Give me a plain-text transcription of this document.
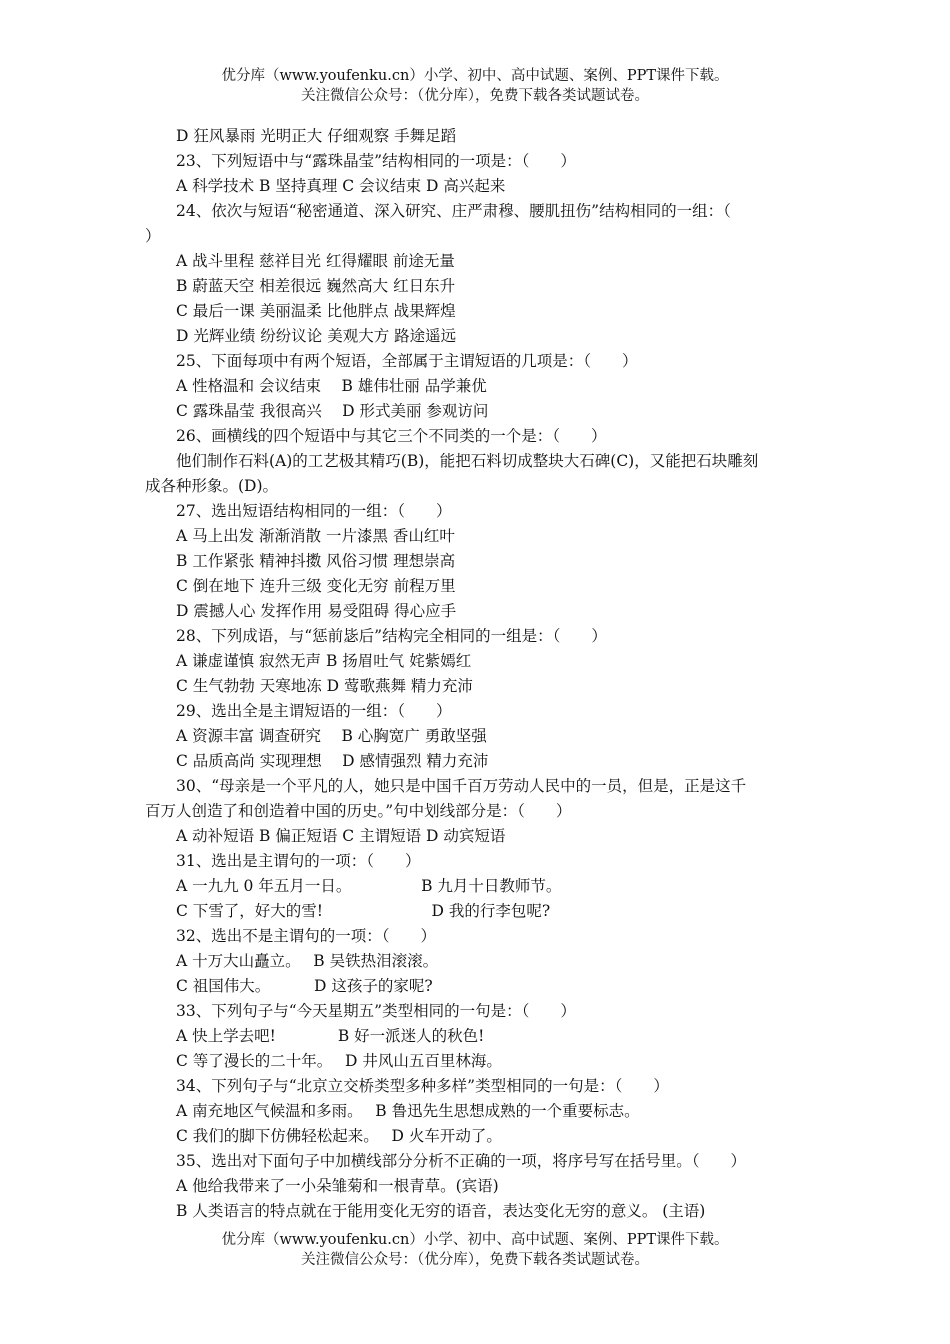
优分库（www.youfenku.cn）小学、初中、高中试题、案例、PPT课件下载。
关注微信公众号：（优分库），免费下载各类试题试卷。
D 狂风暴雨 光明正大 仔细观察 手舞足蹈
23、下列短语中与“露珠晶莹”结构相同的一项是：（　　）
A 科学技术 B 坚持真理 C 会议结束 D 高兴起来
24、依次与短语“秘密通道、深入研究、庄严肃穆、腰肌扭伤”结构相同的一组：（
）
A 战斗里程 慈祥目光 红得耀眼 前途无量
B 蔚蓝天空 相差很远 巍然高大 红日东升
C 最后一课 美丽温柔 比他胖点 战果辉煌
D 光辉业绩 纷纷议论 美观大方 路途遥远
25、下面每项中有两个短语，全部属于主谓短语的几项是：（　　）
A 性格温和 会议结束　 B 雄伟壮丽 品学兼优
C 露珠晶莹 我很高兴　 D 形式美丽 参观访问
26、画横线的四个短语中与其它三个不同类的一个是：（　　）
他们制作石料(A)的工艺极其精巧(B)，能把石料切成整块大石碑(C)，又能把石块雕刻
成各种形象。(D)。
27、选出短语结构相同的一组：（　　）
A 马上出发 渐渐消散 一片漆黑 香山红叶
B 工作紧张 精神抖擞 风俗习惯 理想崇高
C 倒在地下 连升三级 变化无穷 前程万里
D 震撼人心 发挥作用 易受阻碍 得心应手
28、下列成语，与“惩前毖后”结构完全相同的一组是：（　　）
A 谦虚谨慎 寂然无声 B 扬眉吐气 姹紫嫣红
C 生气勃勃 天寒地冻 D 莺歌燕舞 精力充沛
29、选出全是主谓短语的一组：（　　）
A 资源丰富 调查研究　 B 心胸宽广 勇敢坚强
C 品质高尚 实现理想　 D 感情强烈 精力充沛
30、“母亲是一个平凡的人，她只是中国千百万劳动人民中的一员，但是，正是这千
百万人创造了和创造着中国的历史。”句中划线部分是：（　　）
A 动补短语 B 偏正短语 C 主谓短语 D 动宾短语
31、选出是主谓句的一项：（　　）
A 一九九 0 年五月一日。　　　　　B 九月十日教师节。
C 下雪了，好大的雪!　　　　　　　D 我的行李包呢?
32、选出不是主谓句的一项：（　　）
A 十万大山矗立。　 B 吴铁热泪滚滚。
C 祖国伟大。　　　 D 这孩子的家呢?
33、下列句子与“今天星期五”类型相同的一句是：（　　）
A 快上学去吧!　　　　B 好一派迷人的秋色!
C 等了漫长的二十年。　 D 井风山五百里林海。
34、下列句子与“北京立交桥类型多种多样”类型相同的一句是：（　　）
A 南充地区气候温和多雨。　 B 鲁迅先生思想成熟的一个重要标志。
C 我们的脚下仿佛轻松起来。　 D 火车开动了。
35、选出对下面句子中加横线部分分析不正确的一项，将序号写在括号里。（　　）
A 他给我带来了一小朵雏菊和一根青草。(宾语)
B 人类语言的特点就在于能用变化无穷的语音，表达变化无穷的意义。 (主语)
优分库（www.youfenku.cn）小学、初中、高中试题、案例、PPT课件下载。
关注微信公众号：（优分库），免费下载各类试题试卷。
